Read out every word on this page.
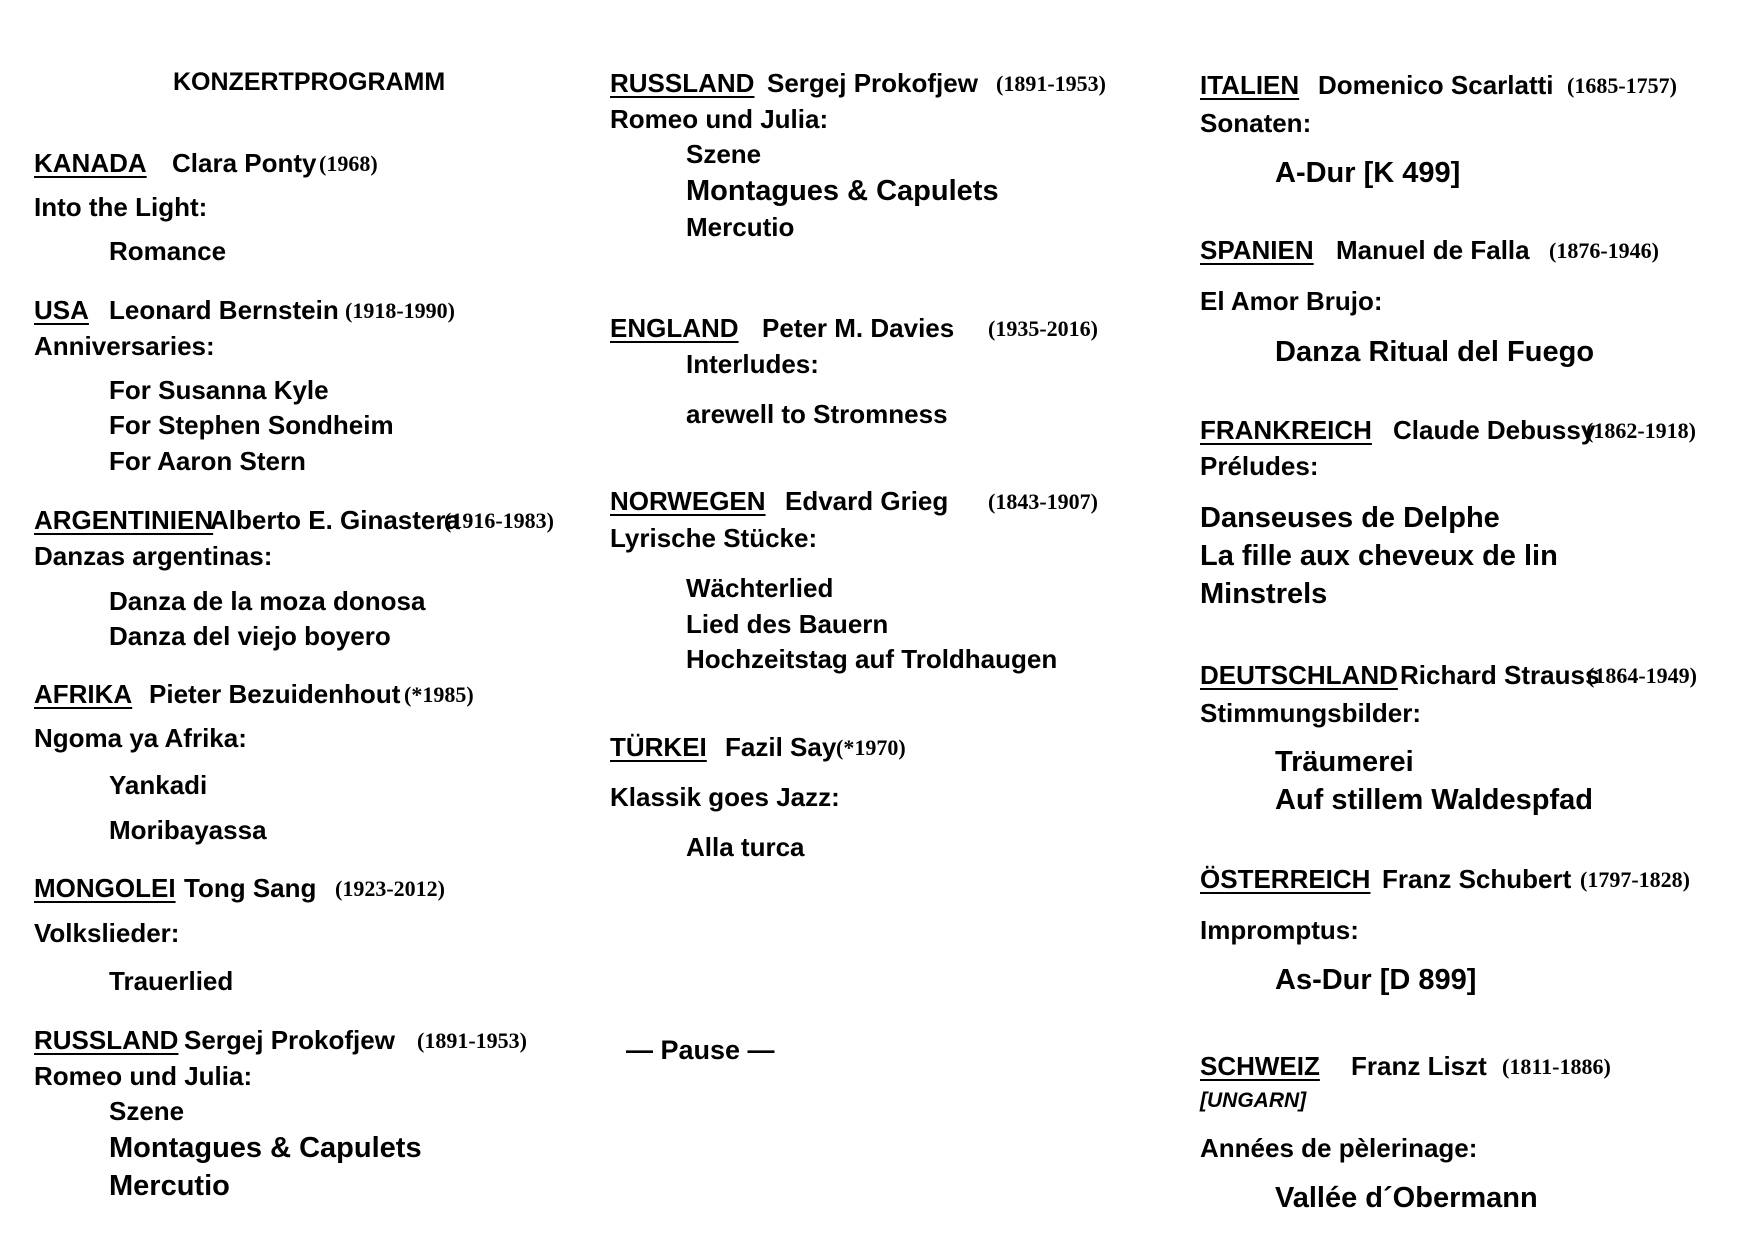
KONZERTPROGRAMM
KANADA Clara Ponty (1968)
Into the Light:
Romance
USA Leonard Bernstein (1918-1990)
Anniversaries:
For Susanna Kyle
For Stephen Sondheim
For Aaron Stern
ARGENTINIEN
Alberto E. Ginastera
(1916-1983)
Danzas argentinas:
Danza de la moza donosa
Danza del viejo boyero
AFRIKA Pieter Bezuidenhout (*1985)
Ngoma ya Afrika:
Yankadi
Moribayassa
MONGOLEI Tong Sang (1923-2012)
Volkslieder:
Trauerlied
RUSSLAND Sergej Prokofjew (1891-1953)
Romeo und Julia:
Szene
Montagues & Capulets
Mercutio
RUSSLAND Sergej Prokofjew (1891-1953)
Romeo und Julia:
Szene
Montagues & Capulets
Mercutio
ENGLAND Peter M. Davies (1935-2016)
Interludes:
arewell to Stromness
NORWEGEN Edvard Grieg (1843-1907)
Lyrische Stücke:
Wächterlied
Lied des Bauern
Hochzeitstag auf Troldhaugen
TÜRKEI Fazil Say (*1970)
Klassik goes Jazz:
Alla turca
— Pause —
ITALIEN Domenico Scarlatti (1685-1757)
Sonaten:
A-Dur [K 499]
SPANIEN Manuel de Falla (1876-1946)
El Amor Brujo:
Danza Ritual del Fuego
FRANKREICH Claude Debussy
(1862-1918)
Préludes:
Danseuses de Delphe
La fille aux cheveux de lin
Minstrels
DEUTSCHLAND Richard Strauss
(1864-1949)
Stimmungsbilder:
Träumerei
Auf stillem Waldespfad
ÖSTERREICH Franz Schubert (1797-1828)
Impromptus:
As-Dur [D 899]
SCHWEIZ Franz Liszt (1811-1886)
[UNGARN]
Années de pèlerinage:
Vallée d´Obermann
